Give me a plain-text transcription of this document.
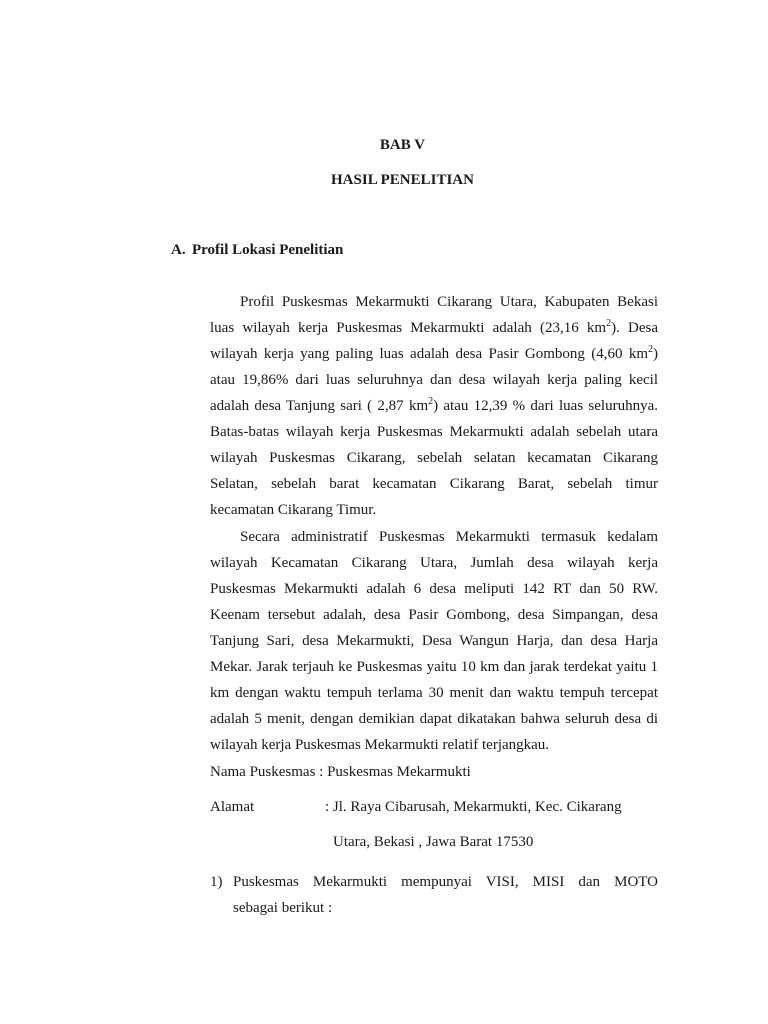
BAB V
HASIL PENELITIAN
A. Profil Lokasi Penelitian

Profil Puskesmas Mekarmukti Cikarang Utara, Kabupaten Bekasi luas wilayah kerja Puskesmas Mekarmukti adalah (23,16 $km^2$). Desa wilayah kerja yang paling luas adalah desa Pasir Gombong (4,60 $km^2$) atau 19,86% dari luas seluruhnya dan desa wilayah kerja paling kecil adalah desa Tanjung sari ( 2,87 $km^2$) atau 12,39 % dari luas seluruhnya. Batas-batas wilayah kerja Puskesmas Mekarmukti adalah sebelah utara wilayah Puskesmas Cikarang, sebelah selatan kecamatan Cikarang Selatan, sebelah barat kecamatan Cikarang Barat, sebelah timur kecamatan Cikarang Timur.

Secara administratif Puskesmas Mekarmukti termasuk kedalam wilayah Kecamatan Cikarang Utara, Jumlah desa wilayah kerja Puskesmas Mekarmukti adalah 6 desa meliputi 142 RT dan 50 RW. Keenam tersebut adalah, desa Pasir Gombong, desa Simpangan, desa Tanjung Sari, desa Mekarmukti, Desa Wangun Harja, dan desa Harja Mekar. Jarak terjauh ke Puskesmas yaitu 10 km dan jarak terdekat yaitu 1 km dengan waktu tempuh terlama 30 menit dan waktu tempuh tercepat adalah 5 menit, dengan demikian dapat dikatakan bahwa seluruh desa di wilayah kerja Puskesmas Mekarmukti relatif terjangkau.

Nama Puskesmas : Puskesmas Mekarmukti
Alamat	: Jl. Raya Cibarusah, Mekarmukti, Kec. Cikarang
Utara, Bekasi , Jawa Barat 17530
1) Puskesmas Mekarmukti mempunyai VISI, MISI dan MOTO
sebagai berikut :
